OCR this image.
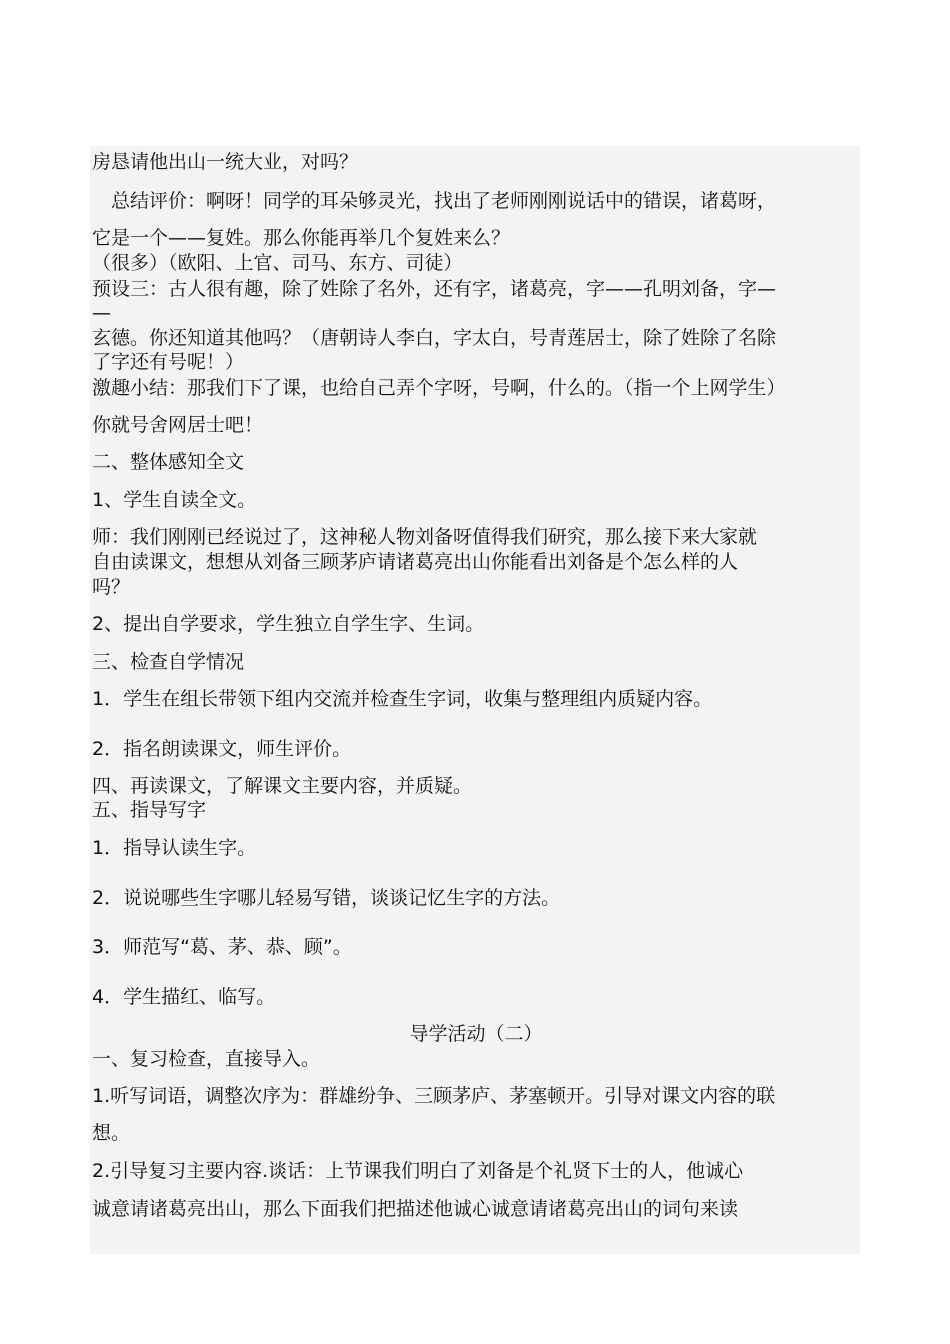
房恳请他出山一统大业，对吗？
　总结评价：啊呀！同学的耳朵够灵光，找出了老师刚刚说话中的错误，诸葛呀，
它是一个——复姓。那么你能再举几个复姓来么？
（很多）（欧阳、上官、司马、东方、司徒）
预设三：古人很有趣，除了姓除了名外，还有字，诸葛亮，字——孔明刘备，字—
—
玄德。你还知道其他吗？（唐朝诗人李白，字太白，号青莲居士，除了姓除了名除
了字还有号呢！）
激趣小结：那我们下了课，也给自己弄个字呀，号啊，什么的。（指一个上网学生）
你就号舍网居士吧！
二、整体感知全文
1、学生自读全文。
师：我们刚刚已经说过了，这神秘人物刘备呀值得我们研究，那么接下来大家就
自由读课文，想想从刘备三顾茅庐请诸葛亮出山你能看出刘备是个怎么样的人
吗？
2、提出自学要求，学生独立自学生字、生词。
三、检查自学情况
1．学生在组长带领下组内交流并检查生字词，收集与整理组内质疑内容。
2．指名朗读课文，师生评价。
四、再读课文，了解课文主要内容，并质疑。
五、指导写字
1．指导认读生字。
2．说说哪些生字哪儿轻易写错，谈谈记忆生字的方法。
3．师范写“葛、茅、恭、顾”。
4．学生描红、临写。
导学活动（二）
一、复习检查，直接导入。
1.听写词语，调整次序为：群雄纷争、三顾茅庐、茅塞顿开。引导对课文内容的联
想。
2.引导复习主要内容.谈话：上节课我们明白了刘备是个礼贤下士的人，他诚心
诚意请诸葛亮出山，那么下面我们把描述他诚心诚意请诸葛亮出山的词句来读
